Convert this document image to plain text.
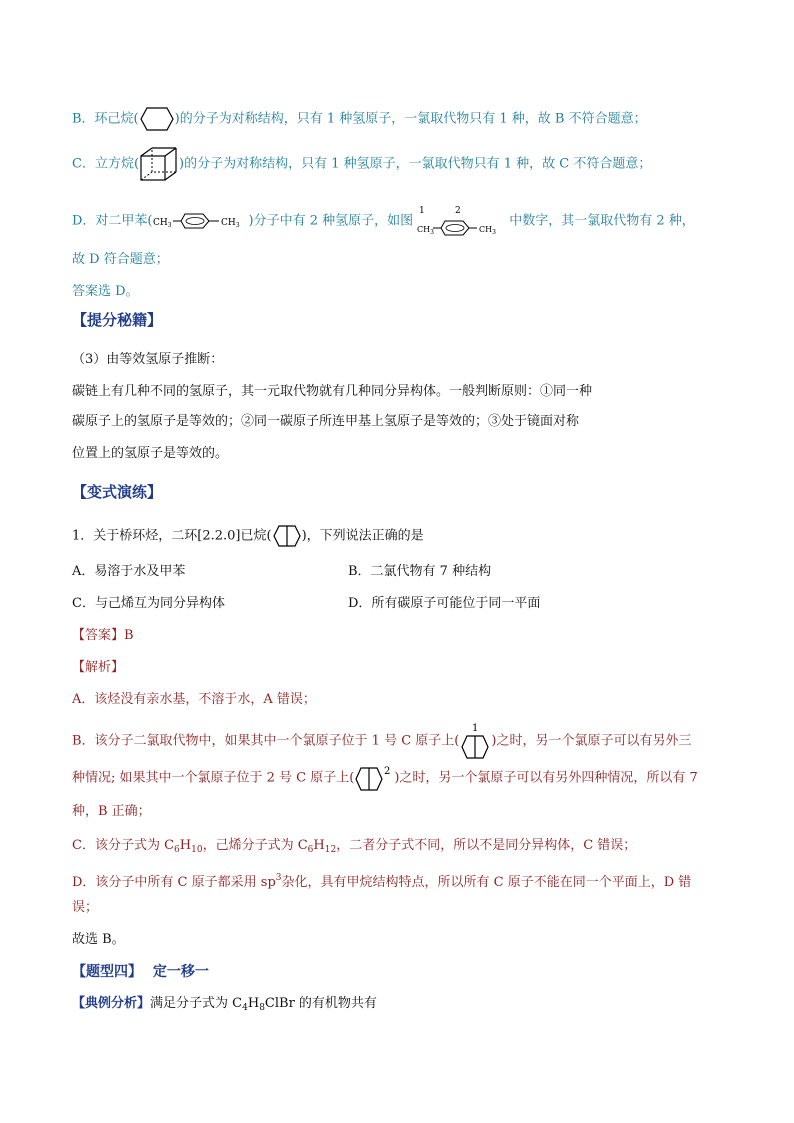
B．环己烷(	)的分子为对称结构，只有 1 种氢原子，一氯取代物只有 1 种，故 B 不符合题意；
C．立方烷(	)的分子为对称结构，只有 1 种氢原子，一氯取代物只有 1 种，故 C 不符合题意；
D．对二甲苯( $CH_3$	$CH_3$ )分子中有 2 种氢原子，如图
1	2
$CH_3$	$CH_3$
中数字，其一氯取代物有 2 种，
故 D 符合题意；
答案选 D。
【提分秘籍】
（3）由等效氢原子推断：
碳链上有几种不同的氢原子，其一元取代物就有几种同分异构体。一般判断原则：①同一种
碳原子上的氢原子是等效的；②同一碳原子所连甲基上氢原子是等效的；③处于镜面对称
位置上的氢原子是等效的。
【变式演练】
1．关于桥环烃，二环[2.2.0]已烷( )，下列说法正确的是
A．易溶于水及甲苯	B．二氯代物有 7 种结构
C．与己烯互为同分异构体	D．所有碳原子可能位于同一平面
【答案】B
【解析】
A．该烃没有亲水基，不溶于水，A 错误；
B．该分子二氯取代物中，如果其中一个氯原子位于 1 号 C 原子上(
1
)之时，另一个氯原子可以有另外三
种情况; 如果其中一个氯原子位于 2 号 C 原子上(	2 )之时，另一个氯原子可以有另外四种情况，所以有 7
种，B 正确；
C．该分子式为 $C_6H_{10}$，己烯分子式为 $C_6H_{12}$，二者分子式不同，所以不是同分异构体，C 错误；
D．该分子中所有 C 原子都采用 $sp^3$杂化，具有甲烷结构特点，所以所有 C 原子不能在同一个平面上，D 错
误；
故选 B。
【题型四】 定一移一
【典例分析】满足分子式为 $C_4H_8ClBr$ 的有机物共有
